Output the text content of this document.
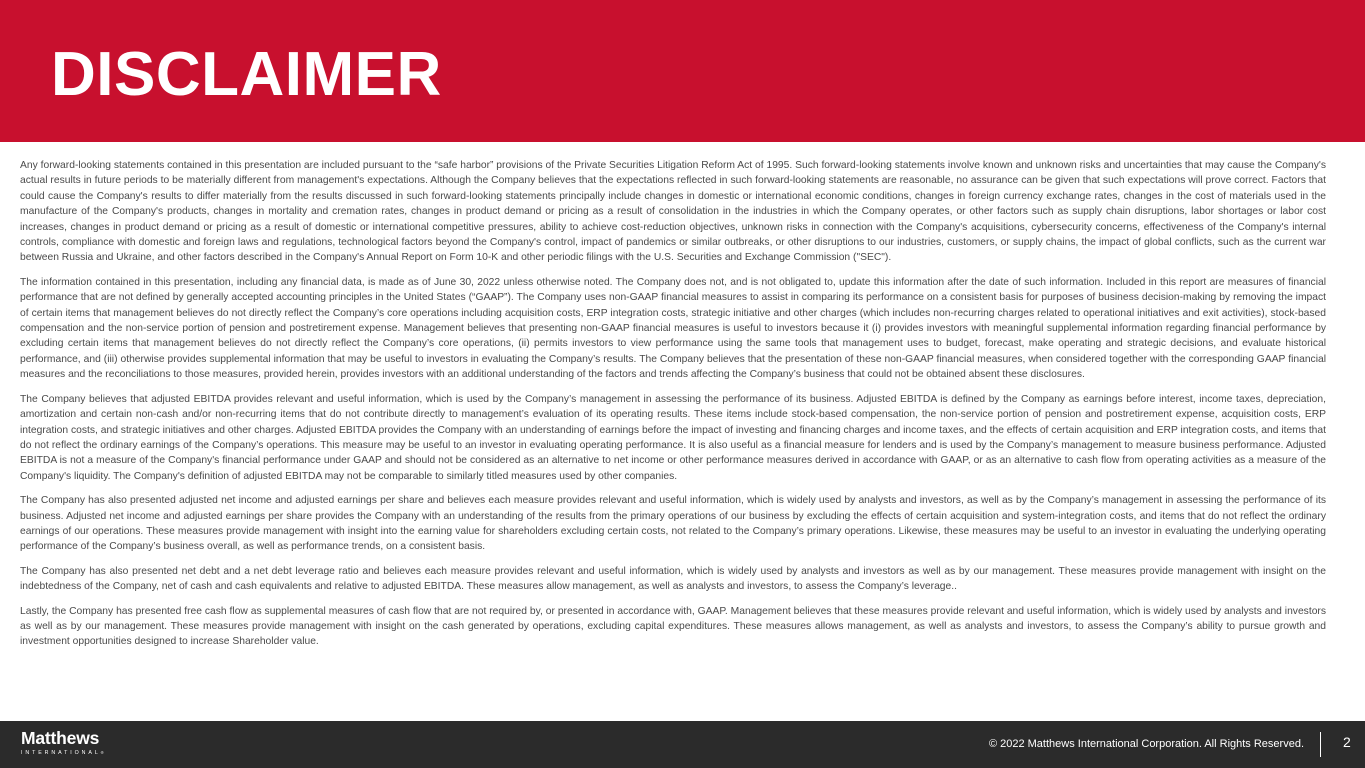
DISCLAIMER

Any forward-looking statements contained in this presentation are included pursuant to the “safe harbor” provisions of the Private Securities Litigation Reform Act of 1995. Such forward-looking statements involve known and unknown risks and uncertainties that may cause the Company's actual results in future periods to be materially different from management's expectations. Although the Company believes that the expectations reflected in such forward-looking statements are reasonable, no assurance can be given that such expectations will prove correct. Factors that could cause the Company's results to differ materially from the results discussed in such forward-looking statements principally include changes in domestic or international economic conditions, changes in foreign currency exchange rates, changes in the cost of materials used in the manufacture of the Company's products, changes in mortality and cremation rates, changes in product demand or pricing as a result of consolidation in the industries in which the Company operates, or other factors such as supply chain disruptions, labor shortages or labor cost increases, changes in product demand or pricing as a result of domestic or international competitive pressures, ability to achieve cost-reduction objectives, unknown risks in connection with the Company's acquisitions, cybersecurity concerns, effectiveness of the Company's internal controls, compliance with domestic and foreign laws and regulations, technological factors beyond the Company's control, impact of pandemics or similar outbreaks, or other disruptions to our industries, customers, or supply chains, the impact of global conflicts, such as the current war between Russia and Ukraine, and other factors described in the Company's Annual Report on Form 10-K and other periodic filings with the U.S. Securities and Exchange Commission ("SEC").

The information contained in this presentation, including any financial data, is made as of June 30, 2022 unless otherwise noted. The Company does not, and is not obligated to, update this information after the date of such information. Included in this report are measures of financial performance that are not defined by generally accepted accounting principles in the United States (“GAAP”). The Company uses non-GAAP financial measures to assist in comparing its performance on a consistent basis for purposes of business decision-making by removing the impact of certain items that management believes do not directly reflect the Company’s core operations including acquisition costs, ERP integration costs, strategic initiative and other charges (which includes non-recurring charges related to operational initiatives and exit activities), stock-based compensation and the non-service portion of pension and postretirement expense. Management believes that presenting non-GAAP financial measures is useful to investors because it (i) provides investors with meaningful supplemental information regarding financial performance by excluding certain items that management believes do not directly reflect the Company’s core operations, (ii) permits investors to view performance using the same tools that management uses to budget, forecast, make operating and strategic decisions, and evaluate historical performance, and (iii) otherwise provides supplemental information that may be useful to investors in evaluating the Company’s results. The Company believes that the presentation of these non-GAAP financial measures, when considered together with the corresponding GAAP financial measures and the reconciliations to those measures, provided herein, provides investors with an additional understanding of the factors and trends affecting the Company’s business that could not be obtained absent these disclosures.

The Company believes that adjusted EBITDA provides relevant and useful information, which is used by the Company’s management in assessing the performance of its business. Adjusted EBITDA is defined by the Company as earnings before interest, income taxes, depreciation, amortization and certain non-cash and/or non-recurring items that do not contribute directly to management’s evaluation of its operating results. These items include stock-based compensation, the non-service portion of pension and postretirement expense, acquisition costs, ERP integration costs, and strategic initiatives and other charges. Adjusted EBITDA provides the Company with an understanding of earnings before the impact of investing and financing charges and income taxes, and the effects of certain acquisition and ERP integration costs, and items that do not reflect the ordinary earnings of the Company’s operations. This measure may be useful to an investor in evaluating operating performance. It is also useful as a financial measure for lenders and is used by the Company’s management to measure business performance. Adjusted EBITDA is not a measure of the Company's financial performance under GAAP and should not be considered as an alternative to net income or other performance measures derived in accordance with GAAP, or as an alternative to cash flow from operating activities as a measure of the Company's liquidity. The Company's definition of adjusted EBITDA may not be comparable to similarly titled measures used by other companies.

The Company has also presented adjusted net income and adjusted earnings per share and believes each measure provides relevant and useful information, which is widely used by analysts and investors, as well as by the Company’s management in assessing the performance of its business. Adjusted net income and adjusted earnings per share provides the Company with an understanding of the results from the primary operations of our business by excluding the effects of certain acquisition and system-integration costs, and items that do not reflect the ordinary earnings of our operations. These measures provide management with insight into the earning value for shareholders excluding certain costs, not related to the Company’s primary operations. Likewise, these measures may be useful to an investor in evaluating the underlying operating performance of the Company’s business overall, as well as performance trends, on a consistent basis.

The Company has also presented net debt and a net debt leverage ratio and believes each measure provides relevant and useful information, which is widely used by analysts and investors as well as by our management. These measures provide management with insight on the indebtedness of the Company, net of cash and cash equivalents and relative to adjusted EBITDA. These measures allow management, as well as analysts and investors, to assess the Company’s leverage..

Lastly, the Company has presented free cash flow as supplemental measures of cash flow that are not required by, or presented in accordance with, GAAP. Management believes that these measures provide relevant and useful information, which is widely used by analysts and investors as well as by our management. These measures provide management with insight on the cash generated by operations, excluding capital expenditures. These measures allows management, as well as analysts and investors, to assess the Company’s ability to pursue growth and investment opportunities designed to increase Shareholder value.

Matthews
INTERNATIONAL®
© 2022 Matthews International Corporation. All Rights Reserved.	2
